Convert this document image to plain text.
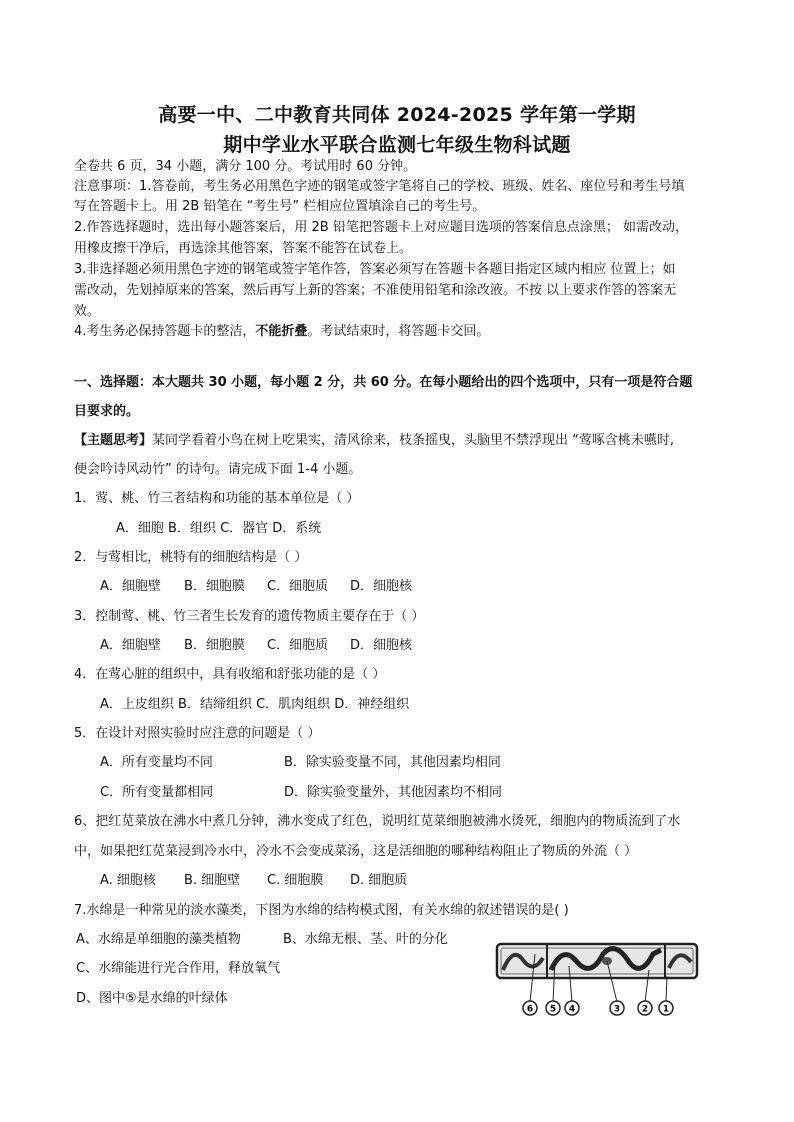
高要一中、二中教育共同体 2024-2025 学年第一学期
期中学业水平联合监测七年级生物科试题
全卷共 6 页，34 小题，满分 100 分。考试用时 60 分钟。
注意事项：1.答卷前，考生务必用黑色字迹的钢笔或签字笔将自己的学校、班级、姓名、座位号和考生号填
写在答题卡上。用 2B 铅笔在 “考生号” 栏相应位置填涂自己的考生号。
2.作答选择题时，选出每小题答案后，用 2B 铅笔把答题卡上对应题目选项的答案信息点涂黑； 如需改动，
用橡皮擦干净后，再选涂其他答案，答案不能答在试卷上。
3.非选择题必须用黑色字迹的钢笔或签字笔作答，答案必须写在答题卡各题目指定区域内相应 位置上；如
需改动，先划掉原来的答案，然后再写上新的答案；不准使用铅笔和涂改液。不按 以上要求作答的答案无
效。
4.考生务必保持答题卡的整洁，不能折叠。考试结束时，将答题卡交回。
一、选择题：本大题共 30 小题，每小题 2 分，共 60 分。在每小题给出的四个选项中，只有一项是符合题
目要求的。
【主题思考】某同学看着小鸟在树上吃果实，清风徐来，枝条摇曳，头脑里不禁浮现出 “莺啄含桃未嚥时,
便会吟诗风动竹” 的诗句。请完成下面 1-4 小题。
1．莺、桃、竹三者结构和功能的基本单位是（ ）
A．细胞 B．组织 C．器官 D．系统
2．与莺相比，桃特有的细胞结构是（ ）
A．细胞壁 B．细胞膜 C．细胞质 D．细胞核
3．控制莺、桃、竹三者生长发育的遗传物质主要存在于（ ）
A．细胞壁 B．细胞膜 C．细胞质 D．细胞核
4．在莺心脏的组织中，具有收缩和舒张功能的是（ ）
A．上皮组织 B．结缔组织 C．肌肉组织 D．神经组织
5．在设计对照实验时应注意的问题是（ ）
A．所有变量均不同	B．除实验变量不同，其他因素均相同
C．所有变量都相同	D．除实验变量外，其他因素均不相同
6、把红苋菜放在沸水中煮几分钟，沸水变成了红色，说明红苋菜细胞被沸水烫死，细胞内的物质流到了水
中，如果把红苋菜浸到冷水中，冷水不会变成菜汤，这是活细胞的哪种结构阻止了物质的外流（ ）
A. 细胞核 B. 细胞壁 C. 细胞膜 D. 细胞质
7.水绵是一种常见的淡水藻类，下图为水绵的结构模式图，有关水绵的叙述错误的是( )
A、水绵是单细胞的藻类植物	B、水绵无根、茎、叶的分化
C、水绵能进行光合作用，释放氧气
D、图中⑤是水绵的叶绿体
6 5 4	3 2 1
